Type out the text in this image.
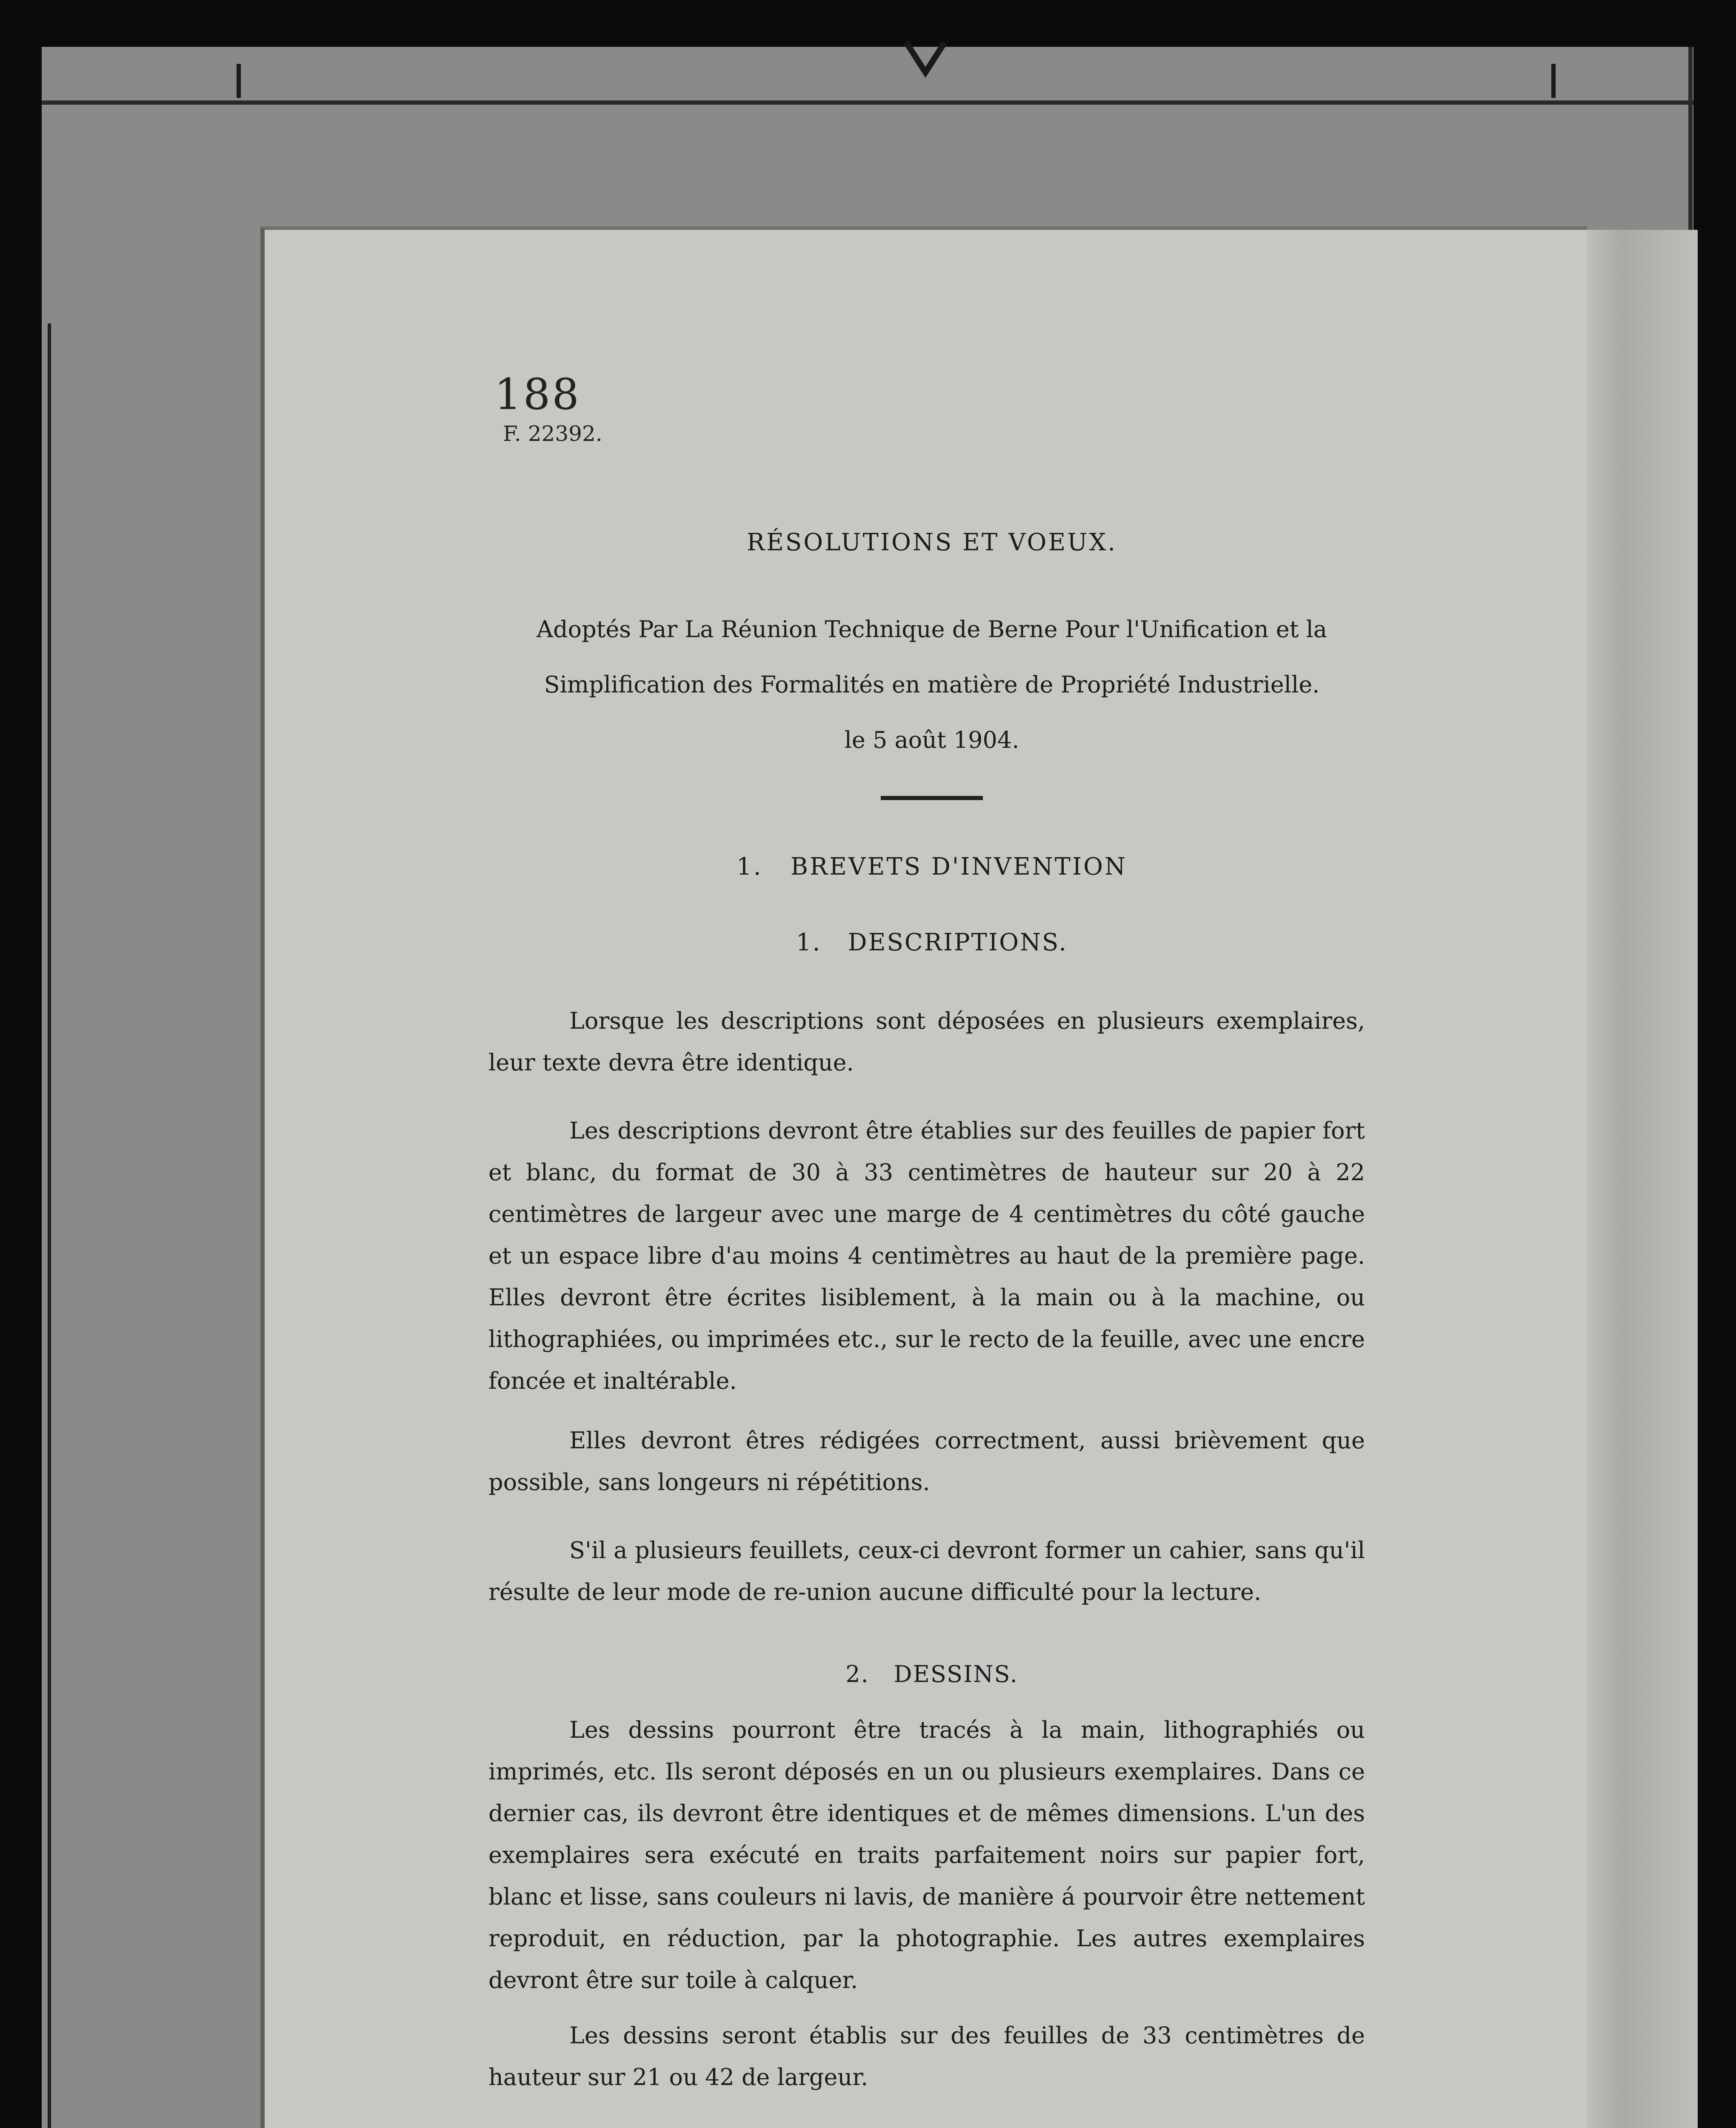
188
F. 22392.
RÉSOLUTIONS ET VOEUX.
Adoptés Par La Réunion Technique de Berne Pour l'Unification et la
Simplification des Formalités en matière de Propriété Industrielle.
le 5 août 1904.
1.   BREVETS D'INVENTION
1.   DESCRIPTIONS.
Lorsque les descriptions sont déposées en plusieurs exemplaires, leur texte devra être identique.
Les descriptions devront être établies sur des feuilles de papier fort et blanc, du format de 30 à 33 centimètres de hauteur sur 20 à 22 centimètres de largeur avec une marge de 4 centimètres du côté gauche et un espace libre d'au moins 4 centimètres au haut de la première page. Elles devront être écrites lisiblement, à la main ou à la machine, ou lithographiées, ou imprimées etc., sur le recto de la feuille, avec une encre foncée et inaltérable.
Elles devront êtres rédigées correctment, aussi brièvement que possible, sans longeurs ni répétitions.
S'il a plusieurs feuillets, ceux-ci devront former un cahier, sans qu'il résulte de leur mode de re-union aucune difficulté pour la lecture.
2.   DESSINS.
Les dessins pourront être tracés à la main, lithographiés ou imprimés, etc. Ils seront déposés en un ou plusieurs exemplaires. Dans ce dernier cas, ils devront être identiques et de mêmes dimensions. L'un des exemplaires sera exécuté en traits parfaitement noirs sur papier fort, blanc et lisse, sans couleurs ni lavis, de manière á pourvoir être nettement reproduit, en réduction, par la photographie. Les autres exemplaires devront être sur toile à calquer.
Les dessins seront établis sur des feuilles de 33 centimètres de hauteur sur 21 ou 42 de largeur.
